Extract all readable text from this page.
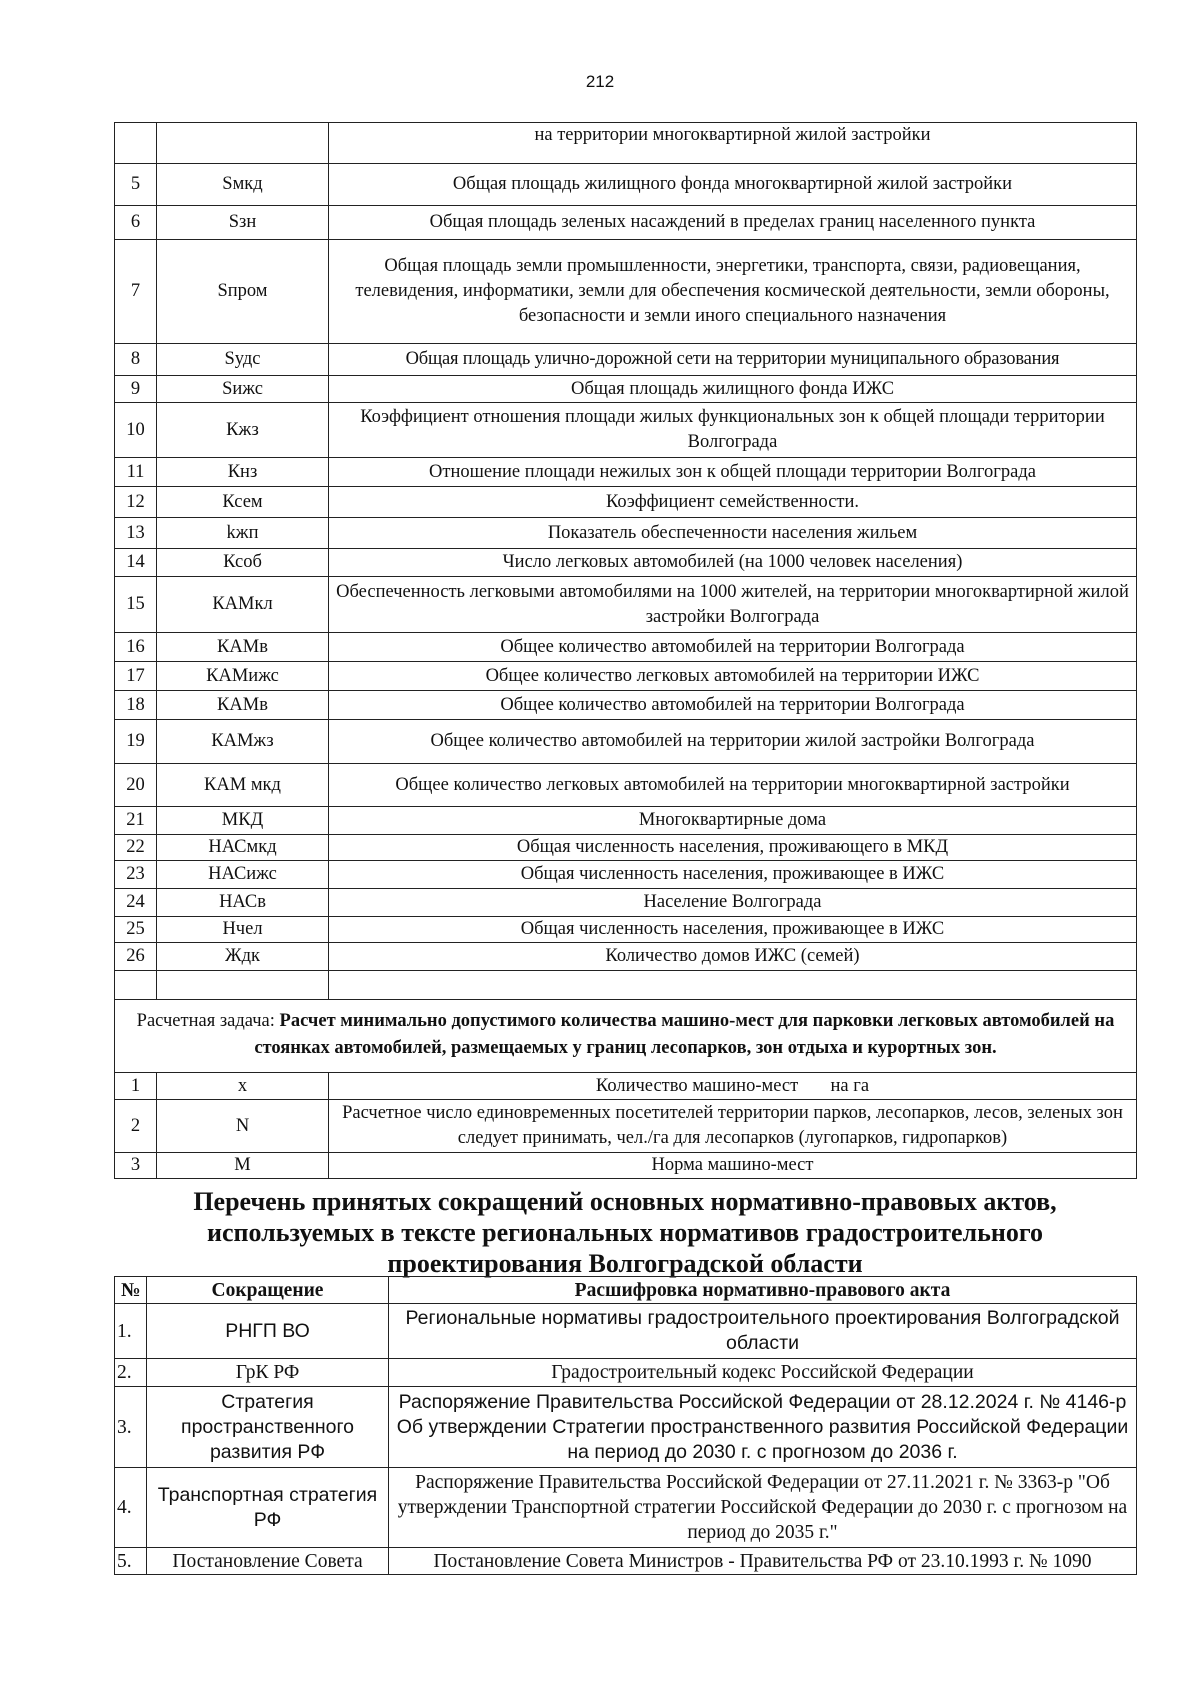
212
		на территории многоквартирной жилой застройки
5	Sмкд	Общая площадь жилищного фонда многоквартирной жилой застройки
6	Sзн	Общая площадь зеленых насаждений в пределах границ населенного пункта
7	Sпром	Общая площадь земли промышленности, энергетики, транспорта, связи, радиовещания, телевидения, информатики, земли для обеспечения космической деятельности, земли обороны, безопасности и земли иного специального назначения
8	Sудс	Общая площадь улично-дорожной сети на территории муниципального образования
9	Sижс	Общая площадь жилищного фонда ИЖС
10	Кжз	Коэффициент отношения площади жилых функциональных зон к общей площади территории Волгограда
11	Кнз	Отношение площади нежилых зон к общей площади территории Волгограда
12	Ксем	Коэффициент семейственности.
13	kжп	Показатель обеспеченности населения жильем
14	Ксоб	Число легковых автомобилей (на 1000 человек населения)
15	КАМкл	Обеспеченность легковыми автомобилями на 1000 жителей, на территории многоквартирной жилой застройки Волгограда
16	КАМв	Общее количество автомобилей на территории Волгограда
17	КАМижс	Общее количество легковых автомобилей на территории ИЖС
18	КАМв	Общее количество автомобилей на территории Волгограда
19	КАМжз	Общее количество автомобилей на территории жилой застройки Волгограда
20	КАМ мкд	Общее количество легковых автомобилей на территории многоквартирной застройки
21	МКД	Многоквартирные дома
22	НАСмкд	Общая численность населения, проживающего в МКД
23	НАСижс	Общая численность населения, проживающее в ИЖС
24	НАСв	Население Волгограда
25	Нчел	Общая численность населения, проживающее в ИЖС
26	Ждк	Количество домов ИЖС (семей)

Расчетная задача: Расчет минимально допустимого количества машино-мест для парковки легковых автомобилей на стоянках автомобилей, размещаемых у границ лесопарков, зон отдыха и курортных зон.		
1	x	Количество машино-мест       на га
2	N	Расчетное число единовременных посетителей территории парков, лесопарков, лесов, зеленых зон следует принимать, чел./га для лесопарков (лугопарков, гидропарков)
3	M	Норма машино-мест
Перечень принятых сокращений основных нормативно-правовых актов, используемых в тексте региональных нормативов градостроительного проектирования Волгоградской области
№	Сокращение	Расшифровка нормативно-правового акта
1.	РНГП ВО	Региональные нормативы градостроительного проектирования Волгоградской области
2.	ГрК РФ	Градостроительный кодекс Российской Федерации
3.	Стратегия пространственного развития РФ	Распоряжение Правительства Российской Федерации от 28.12.2024 г. № 4146-р Об утверждении Стратегии пространственного развития Российской Федерации на период до 2030 г. с прогнозом до 2036 г.
4.	Транспортная стратегия РФ	Распоряжение Правительства Российской Федерации от 27.11.2021 г. № 3363-р "Об утверждении Транспортной стратегии Российской Федерации до 2030 г. с прогнозом на период до 2035 г."
5.	Постановление Совета	Постановление Совета Министров - Правительства РФ от 23.10.1993 г. № 1090
